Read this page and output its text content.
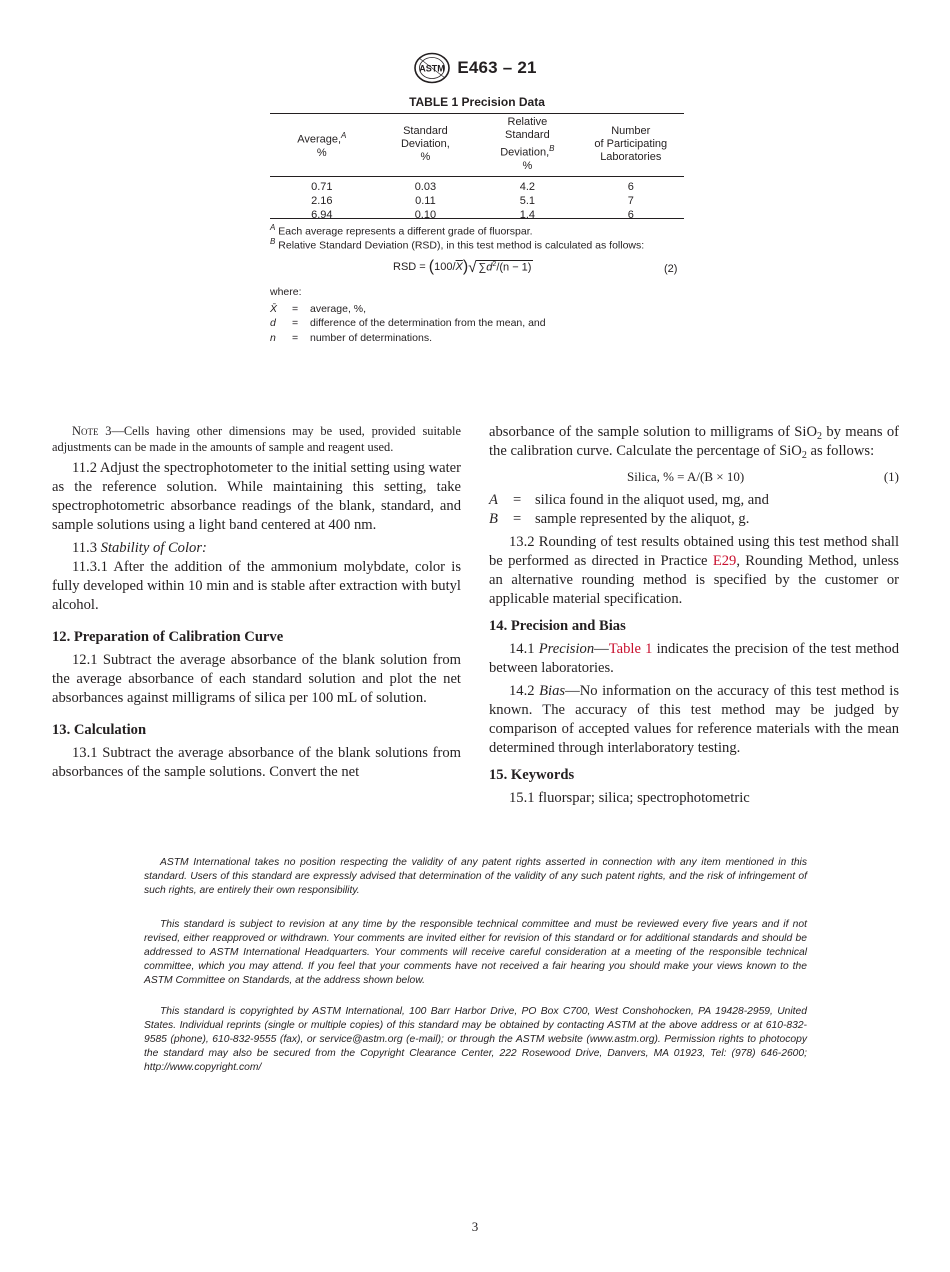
ASTM E463 – 21
TABLE 1 Precision Data
Average,$^A$
%	Standard
Deviation,
%	Relative
Standard
Deviation,$^B$
%	Number
of Participating
Laboratories
0.71	0.03	4.2	6
2.16	0.11	5.1	7
6.94	0.10	1.4	6
$^A$ Each average represents a different grade of fluorspar.
$^B$ Relative Standard Deviation (RSD), in this test method is calculated as follows:
RSD =
( 100/ $\overline{X}$ ) √ $\sum d^2/(n - 1)$	(2)
where:
X̄ = average, %,
d = difference of the determination from the mean, and
n = number of determinations.

Note 3—Cells having other dimensions may be used, provided suitable adjustments can be made in the amounts of sample and reagent used.

11.2 Adjust the spectrophotometer to the initial setting using water as the reference solution. While maintaining this setting, take spectrophotometric absorbance readings of the blank, standard, and sample solutions using a light band centered at 400 nm.

11.3 Stability of Color:

11.3.1 After the addition of the ammonium molybdate, color is fully developed within 10 min and is stable after extraction with butyl alcohol.

12. Preparation of Calibration Curve

12.1 Subtract the average absorbance of the blank solution from the average absorbance of each standard solution and plot the net absorbances against milligrams of silica per 100 mL of solution.

13. Calculation

13.1 Subtract the average absorbance of the blank solutions from absorbances of the sample solutions. Convert the net

absorbance of the sample solution to milligrams of SiO$_2$ by means of the calibration curve. Calculate the percentage of SiO$_2$ as follows:

Silica, % = A/(B × 10)	(1)
A = silica found in the aliquot used, mg, and
B = sample represented by the aliquot, g.

13.2 Rounding of test results obtained using this test method shall be performed as directed in Practice E29, Rounding Method, unless an alternative rounding method is specified by the customer or applicable material specification.

14. Precision and Bias

14.1 Precision—Table 1 indicates the precision of the test method between laboratories.

14.2 Bias—No information on the accuracy of this test method is known. The accuracy of this test method may be judged by comparison of accepted values for reference materials with the mean determined through interlaboratory testing.

15. Keywords

15.1 fluorspar; silica; spectrophotometric

ASTM International takes no position respecting the validity of any patent rights asserted in connection with any item mentioned in this standard. Users of this standard are expressly advised that determination of the validity of any such patent rights, and the risk of infringement of such rights, are entirely their own responsibility.

This standard is subject to revision at any time by the responsible technical committee and must be reviewed every five years and if not revised, either reapproved or withdrawn. Your comments are invited either for revision of this standard or for additional standards and should be addressed to ASTM International Headquarters. Your comments will receive careful consideration at a meeting of the responsible technical committee, which you may attend. If you feel that your comments have not received a fair hearing you should make your views known to the ASTM Committee on Standards, at the address shown below.

This standard is copyrighted by ASTM International, 100 Barr Harbor Drive, PO Box C700, West Conshohocken, PA 19428-2959, United States. Individual reprints (single or multiple copies) of this standard may be obtained by contacting ASTM at the above address or at 610-832-9585 (phone), 610-832-9555 (fax), or service@astm.org (e-mail); or through the ASTM website (www.astm.org). Permission rights to photocopy the standard may also be secured from the Copyright Clearance Center, 222 Rosewood Drive, Danvers, MA 01923, Tel: (978) 646-2600; http://www.copyright.com/

3
